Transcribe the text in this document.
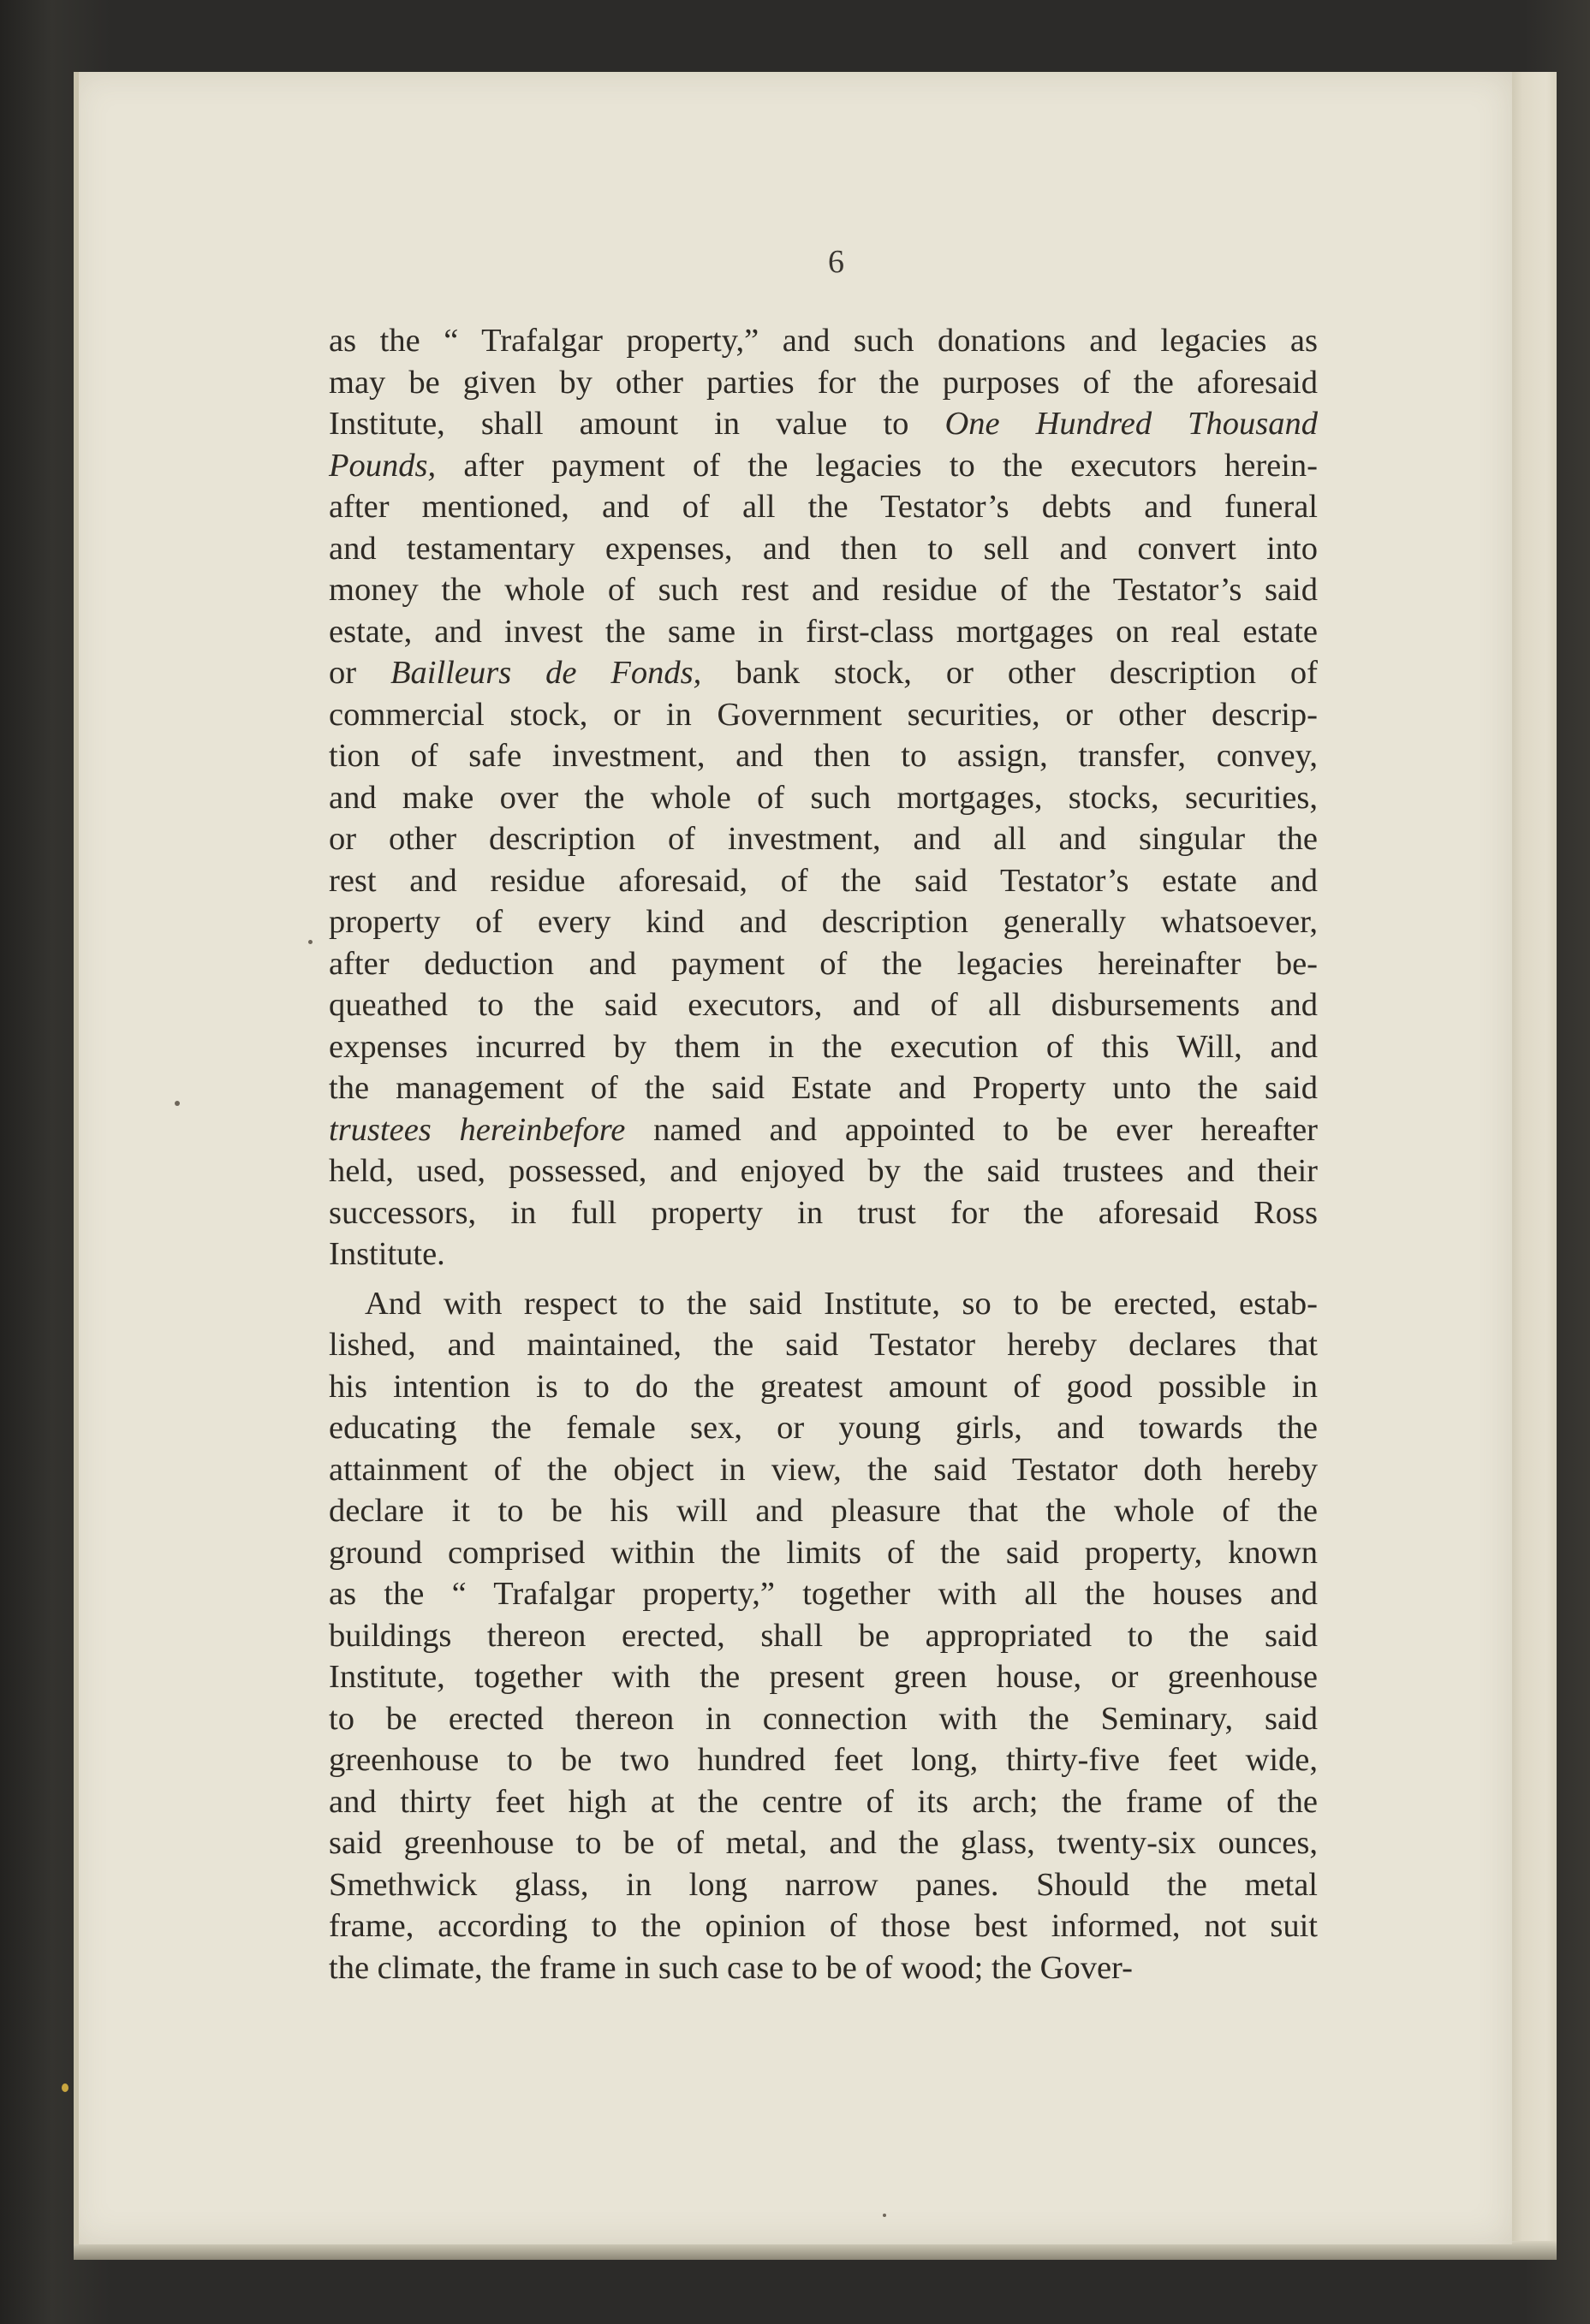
6
as the “ Trafalgar property,” and such donations and legacies as
may be given by other parties for the purposes of the aforesaid
Institute, shall amount in value to One Hundred Thousand
Pounds, after payment of the legacies to the executors herein-
after mentioned, and of all the Testator’s debts and funeral
and testamentary expenses, and then to sell and convert into
money the whole of such rest and residue of the Testator’s said
estate, and invest the same in first-class mortgages on real estate
or Bailleurs de Fonds, bank stock, or other description of
commercial stock, or in Government securities, or other descrip-
tion of safe investment, and then to assign, transfer, convey,
and make over the whole of such mortgages, stocks, securities,
or other description of investment, and all and singular the
rest and residue aforesaid, of the said Testator’s estate and
property of every kind and description generally whatsoever,
after deduction and payment of the legacies hereinafter be-
queathed to the said executors, and of all disbursements and
expenses incurred by them in the execution of this Will, and
the management of the said Estate and Property unto the said
trustees hereinbefore named and appointed to be ever hereafter
held, used, possessed, and enjoyed by the said trustees and their
successors, in full property in trust for the aforesaid Ross
Institute.
And with respect to the said Institute, so to be erected, estab-
lished, and maintained, the said Testator hereby declares that
his intention is to do the greatest amount of good possible in
educating the female sex, or young girls, and towards the
attainment of the object in view, the said Testator doth hereby
declare it to be his will and pleasure that the whole of the
ground comprised within the limits of the said property, known
as the “ Trafalgar property,” together with all the houses and
buildings thereon erected, shall be appropriated to the said
Institute, together with the present green house, or greenhouse
to be erected thereon in connection with the Seminary, said
greenhouse to be two hundred feet long, thirty-five feet wide,
and thirty feet high at the centre of its arch; the frame of the
said greenhouse to be of metal, and the glass, twenty-six ounces,
Smethwick glass, in long narrow panes. Should the metal
frame, according to the opinion of those best informed, not suit
the climate, the frame in such case to be of wood; the Gover-
